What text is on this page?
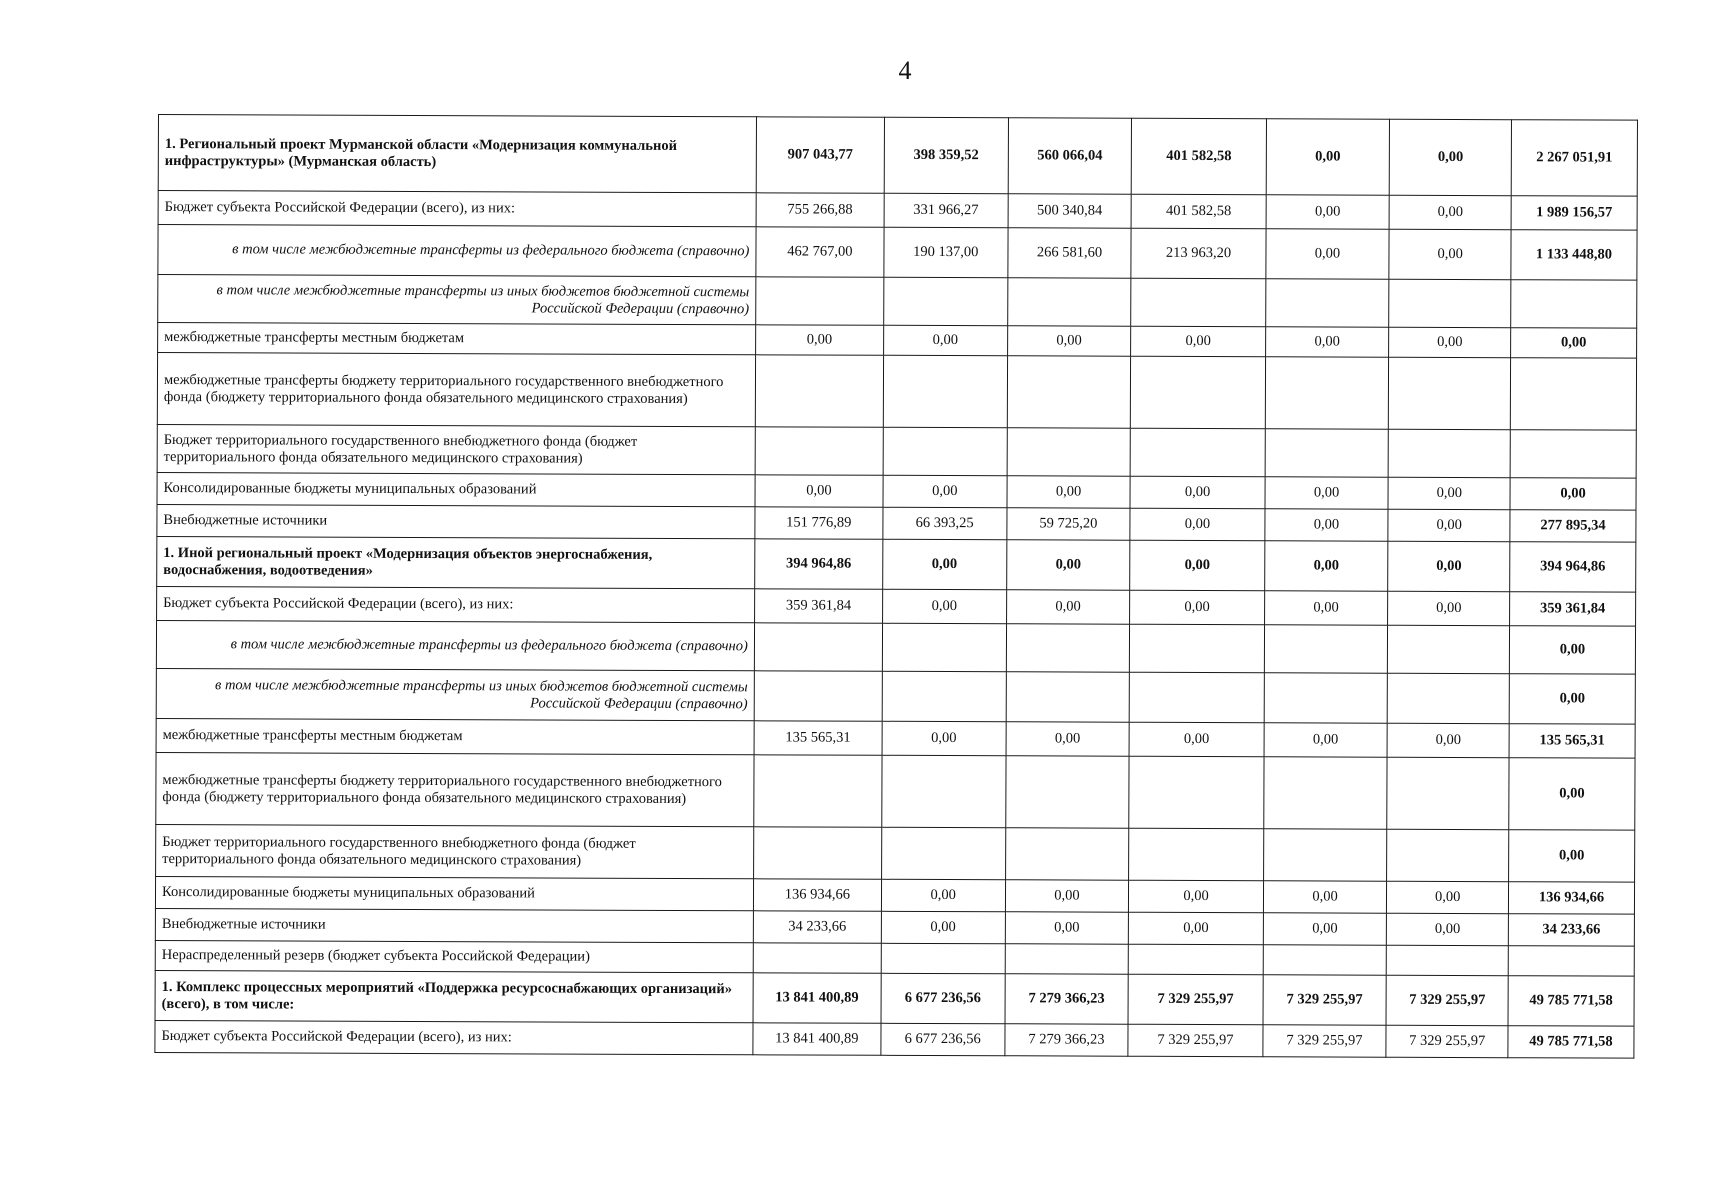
4
1. Региональный проект Мурманской области «Модернизация коммунальной инфраструктуры» (Мурманская область)	907 043,77	398 359,52	560 066,04	401 582,58	0,00	0,00	2 267 051,91
Бюджет субъекта Российской Федерации (всего), из них:	755 266,88	331 966,27	500 340,84	401 582,58	0,00	0,00	1 989 156,57
в том числе межбюджетные трансферты из федерального бюджета (справочно)	462 767,00	190 137,00	266 581,60	213 963,20	0,00	0,00	1 133 448,80
в том числе межбюджетные трансферты из иных бюджетов бюджетной системы Российской Федерации (справочно)							
межбюджетные трансферты местным бюджетам	0,00	0,00	0,00	0,00	0,00	0,00	0,00
межбюджетные трансферты бюджету территориального государственного внебюджетного фонда (бюджету территориального фонда обязательного медицинского страхования)							
Бюджет территориального государственного внебюджетного фонда (бюджет территориального фонда обязательного медицинского страхования)							
Консолидированные бюджеты муниципальных образований	0,00	0,00	0,00	0,00	0,00	0,00	0,00
Внебюджетные источники	151 776,89	66 393,25	59 725,20	0,00	0,00	0,00	277 895,34
1. Иной региональный проект «Модернизация объектов энергоснабжения, водоснабжения, водоотведения»	394 964,86	0,00	0,00	0,00	0,00	0,00	394 964,86
Бюджет субъекта Российской Федерации (всего), из них:	359 361,84	0,00	0,00	0,00	0,00	0,00	359 361,84
в том числе межбюджетные трансферты из федерального бюджета (справочно)							0,00
в том числе межбюджетные трансферты из иных бюджетов бюджетной системы Российской Федерации (справочно)							0,00
межбюджетные трансферты местным бюджетам	135 565,31	0,00	0,00	0,00	0,00	0,00	135 565,31
межбюджетные трансферты бюджету территориального государственного внебюджетного фонда (бюджету территориального фонда обязательного медицинского страхования)							0,00
Бюджет территориального государственного внебюджетного фонда (бюджет территориального фонда обязательного медицинского страхования)							0,00
Консолидированные бюджеты муниципальных образований	136 934,66	0,00	0,00	0,00	0,00	0,00	136 934,66
Внебюджетные источники	34 233,66	0,00	0,00	0,00	0,00	0,00	34 233,66
Нераспределенный резерв (бюджет субъекта Российской Федерации)							
1. Комплекс процессных мероприятий «Поддержка ресурсоснабжающих организаций» (всего), в том числе:	13 841 400,89	6 677 236,56	7 279 366,23	7 329 255,97	7 329 255,97	7 329 255,97	49 785 771,58
Бюджет субъекта Российской Федерации (всего), из них:	13 841 400,89	6 677 236,56	7 279 366,23	7 329 255,97	7 329 255,97	7 329 255,97	49 785 771,58
